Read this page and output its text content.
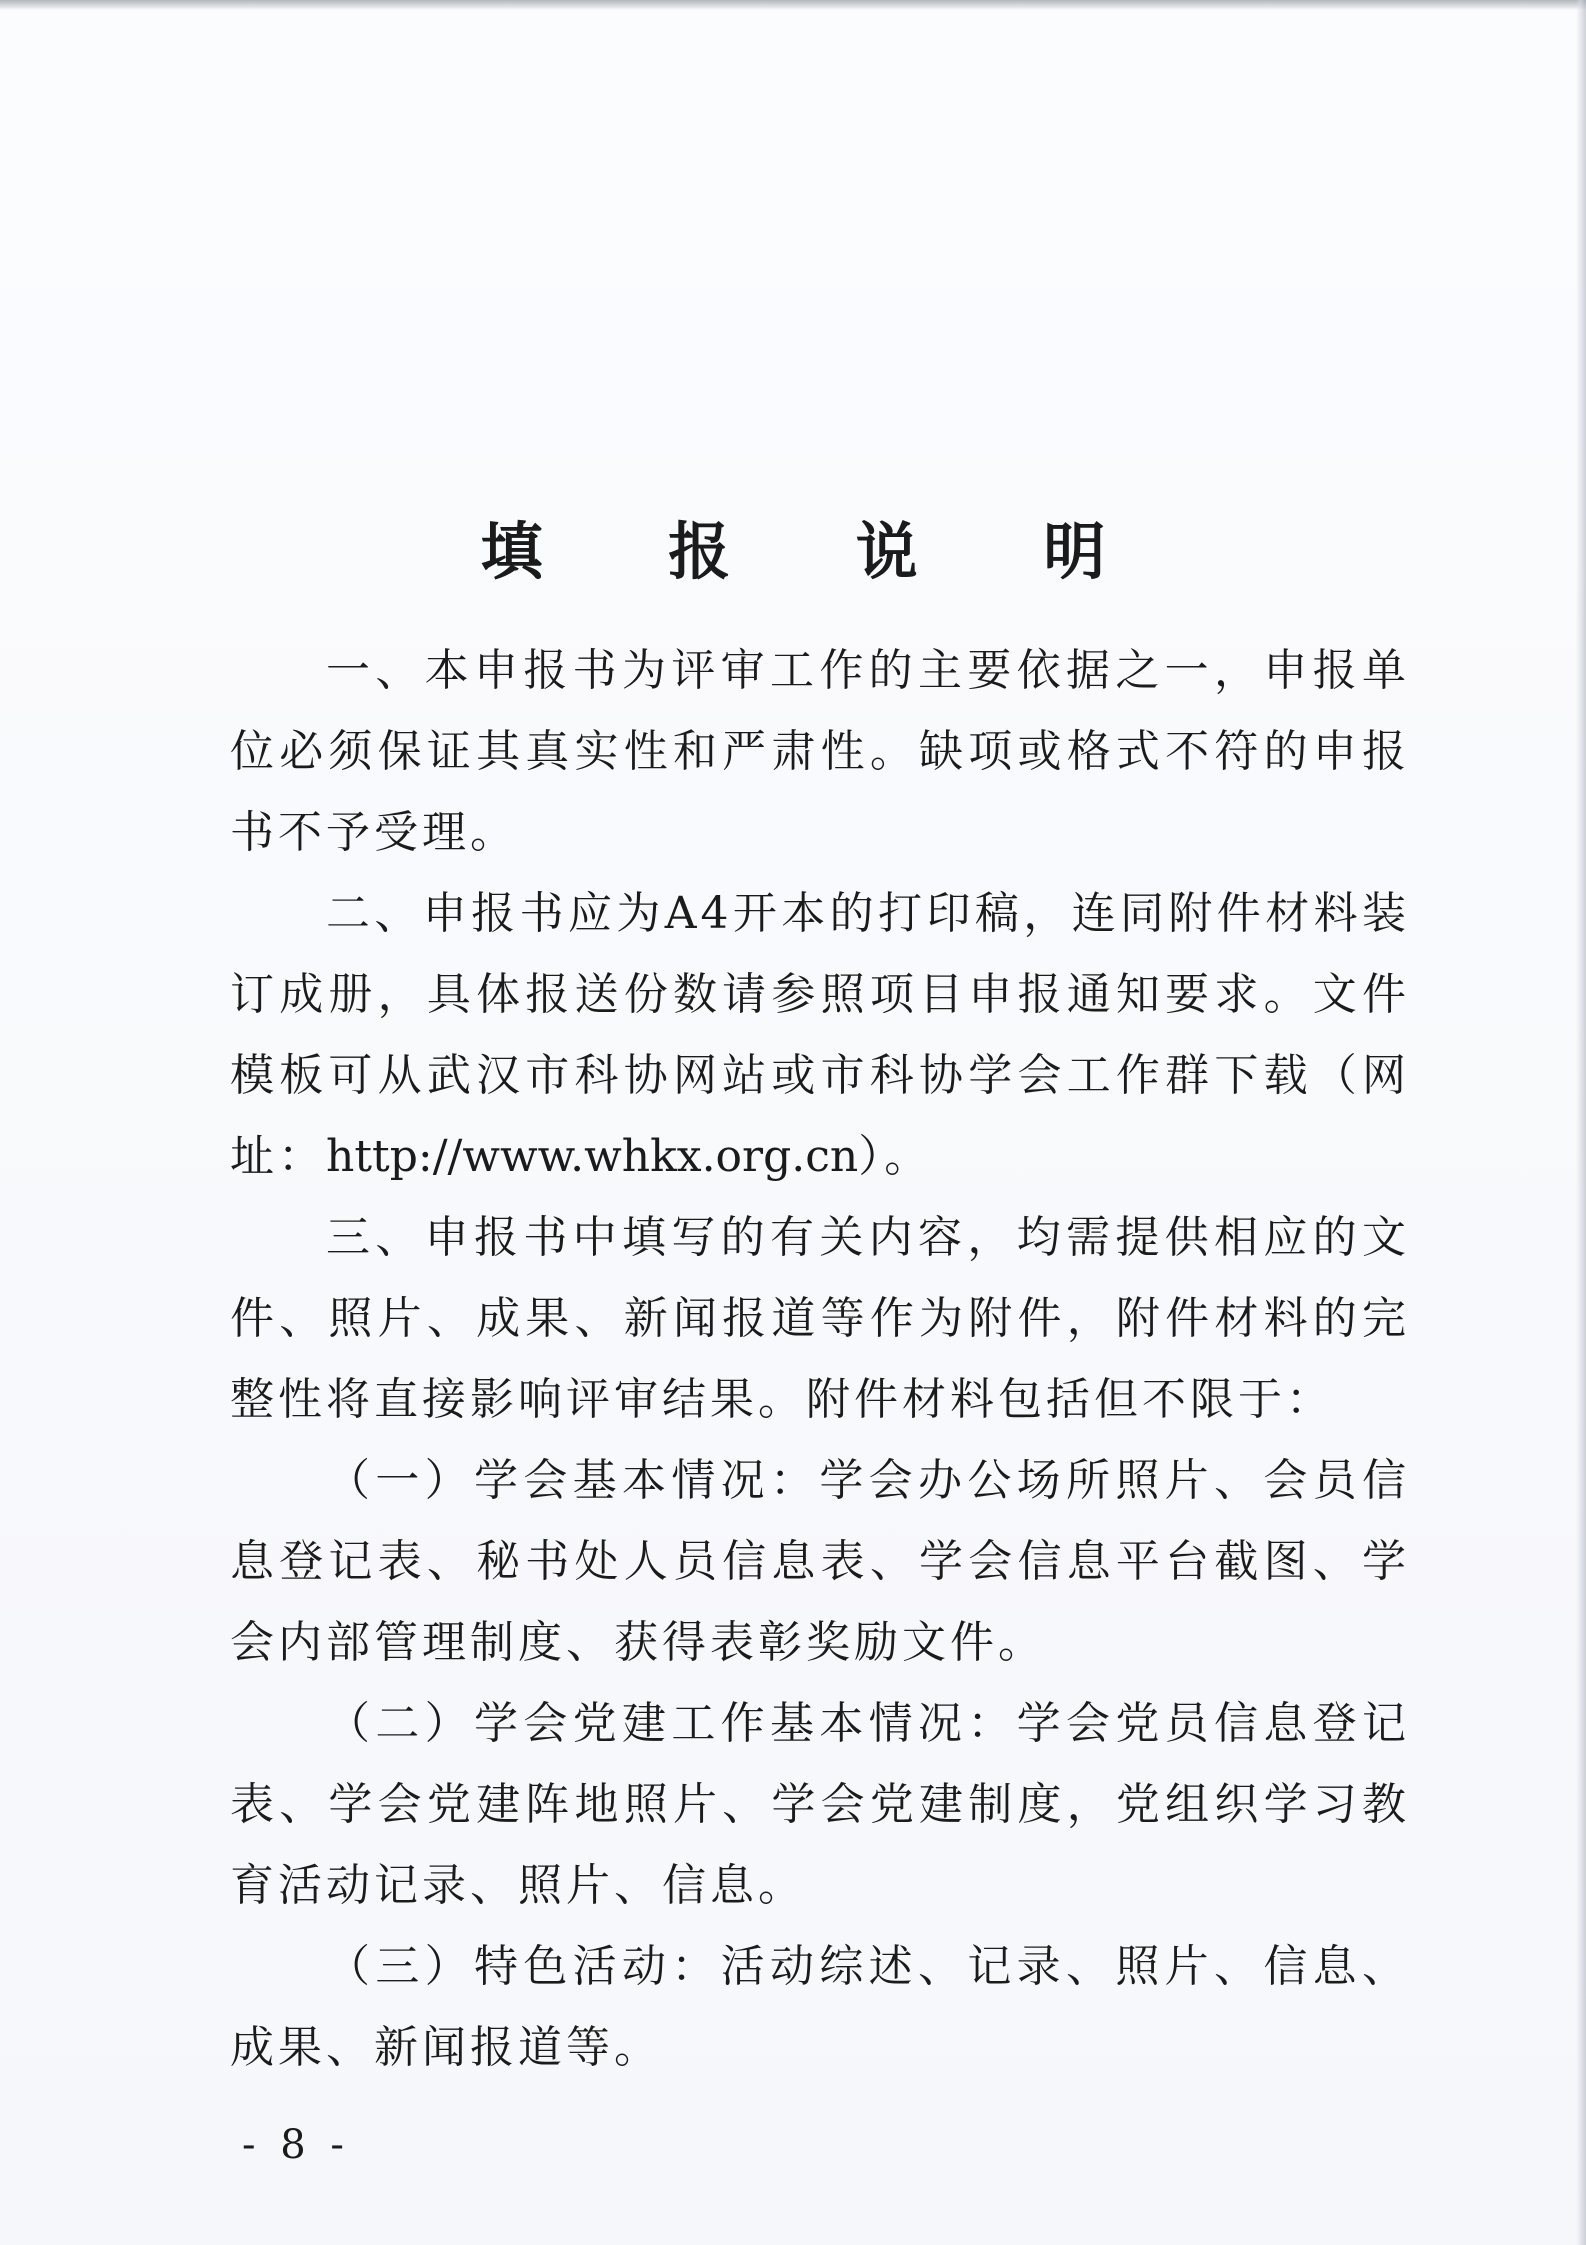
填 报 说 明

一、本申报书为评审工作的主要依据之一，申报单位必须保证其真实性和严肃性。缺项或格式不符的申报书不予受理。

二、申报书应为A4开本的打印稿，连同附件材料装订成册，具体报送份数请参照项目申报通知要求。文件模板可从武汉市科协网站或市科协学会工作群下载（网址：http://www.whkx.org.cn）。

三、申报书中填写的有关内容，均需提供相应的文件、照片、成果、新闻报道等作为附件，附件材料的完整性将直接影响评审结果。附件材料包括但不限于：

（一）学会基本情况：学会办公场所照片、会员信息登记表、秘书处人员信息表、学会信息平台截图、学会内部管理制度、获得表彰奖励文件。

（二）学会党建工作基本情况：学会党员信息登记表、学会党建阵地照片、学会党建制度，党组织学习教育活动记录、照片、信息。

（三）特色活动：活动综述、记录、照片、信息、成果、新闻报道等。

- 8 -
